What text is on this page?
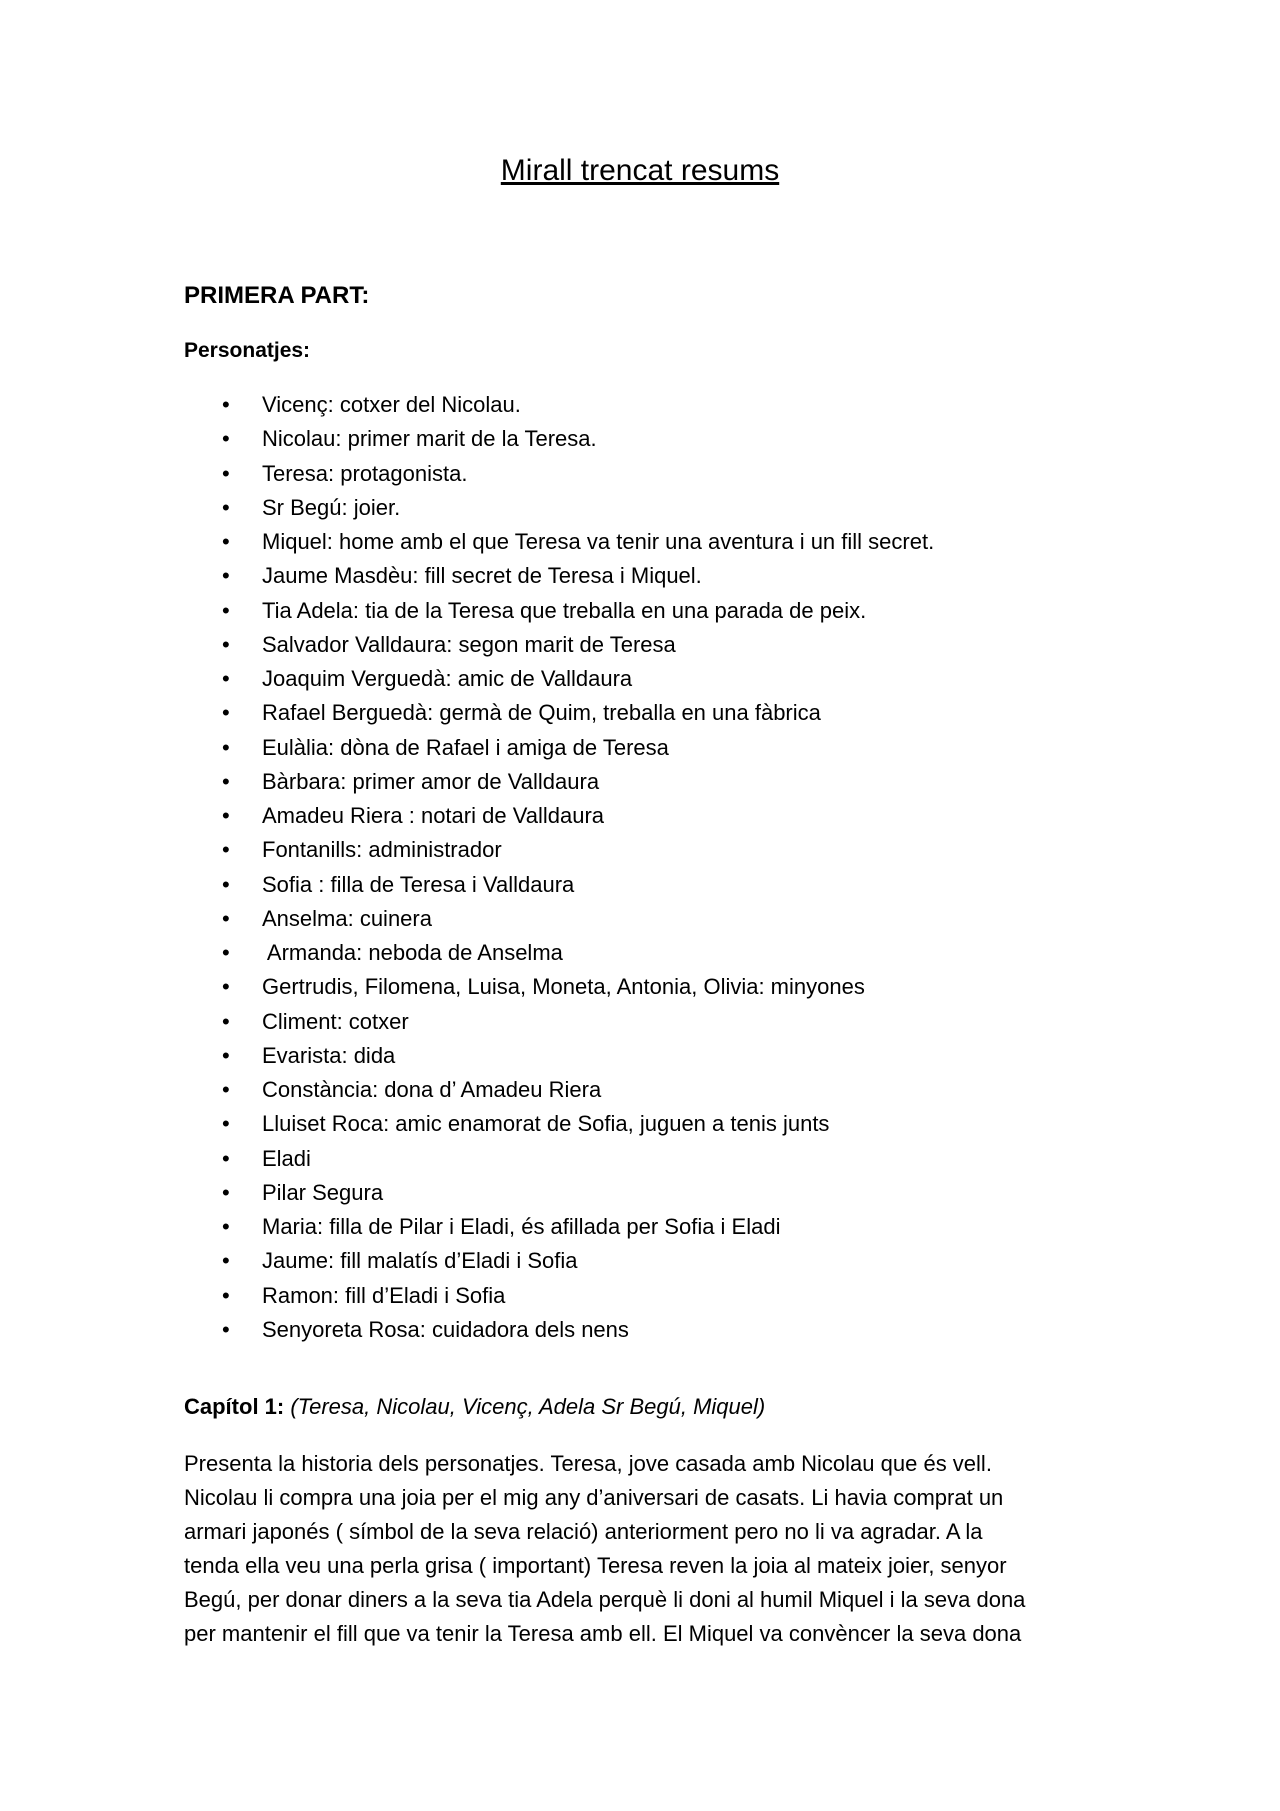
Mirall trencat resums
PRIMERA PART:
Personatjes:
• Vicenç: cotxer del Nicolau.
• Nicolau: primer marit de la Teresa.
• Teresa: protagonista.
• Sr Begú: joier.
• Miquel: home amb el que Teresa va tenir una aventura i un fill secret.
• Jaume Masdèu: fill secret de Teresa i Miquel.
• Tia Adela: tia de la Teresa que treballa en una parada de peix.
• Salvador Valldaura: segon marit de Teresa
• Joaquim Verguedà: amic de Valldaura
• Rafael Berguedà: germà de Quim, treballa en una fàbrica
• Eulàlia: dòna de Rafael i amiga de Teresa
• Bàrbara: primer amor de Valldaura
• Amadeu Riera : notari de Valldaura
• Fontanills: administrador
• Sofia : filla de Teresa i Valldaura
• Anselma: cuinera
• Armanda: neboda de Anselma
• Gertrudis, Filomena, Luisa, Moneta, Antonia, Olivia: minyones
• Climent: cotxer
• Evarista: dida
• Constància: dona d’ Amadeu Riera
• Lluiset Roca: amic enamorat de Sofia, juguen a tenis junts
• Eladi
• Pilar Segura
• Maria: filla de Pilar i Eladi, és afillada per Sofia i Eladi
• Jaume: fill malatís d’Eladi i Sofia
• Ramon: fill d’Eladi i Sofia
• Senyoreta Rosa: cuidadora dels nens

Capítol 1: (Teresa, Nicolau, Vicenç, Adela Sr Begú, Miquel)

Presenta la historia dels personatjes. Teresa, jove casada amb Nicolau que és vell.
Nicolau li compra una joia per el mig any d’aniversari de casats. Li havia comprat un
armari japonés ( símbol de la seva relació) anteriorment pero no li va agradar. A la
tenda ella veu una perla grisa ( important) Teresa reven la joia al mateix joier, senyor
Begú, per donar diners a la seva tia Adela perquè li doni al humil Miquel i la seva dona
per mantenir el fill que va tenir la Teresa amb ell. El Miquel va convèncer la seva dona
